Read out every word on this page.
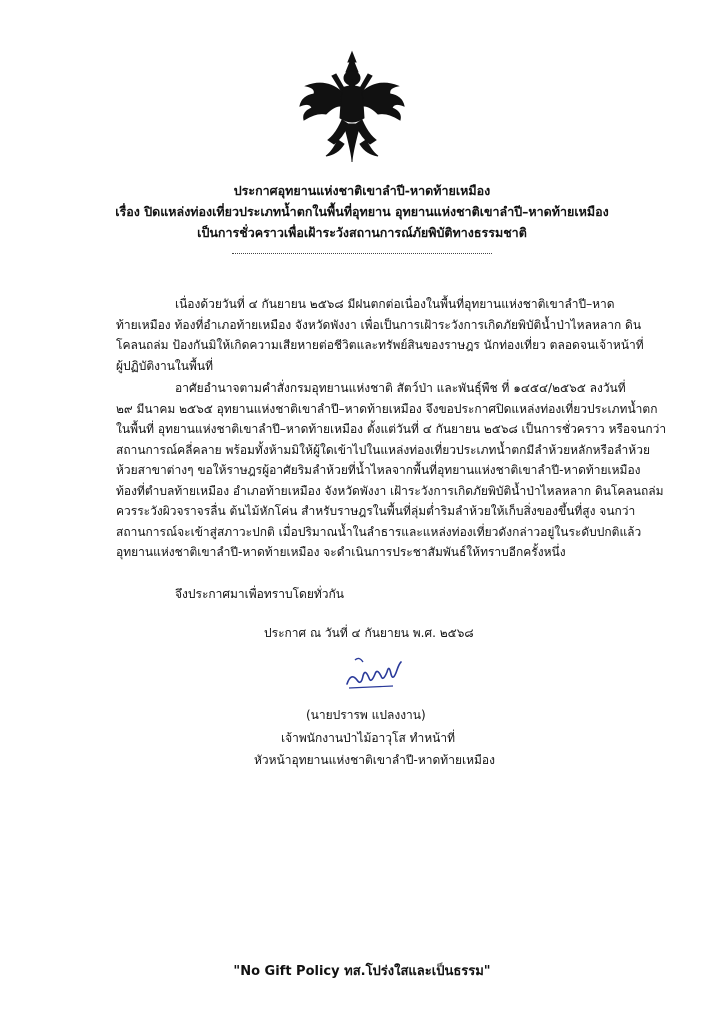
ประกาศอุทยานแห่งชาติเขาลำปี-หาดท้ายเหมือง
เรื่อง ปิดแหล่งท่องเที่ยวประเภทน้ำตกในพื้นที่อุทยาน อุทยานแห่งชาติเขาลำปี–หาดท้ายเหมือง
เป็นการชั่วคราวเพื่อเฝ้าระวังสถานการณ์ภัยพิบัติทางธรรมชาติ
เนื่องด้วยวันที่ ๔ กันยายน ๒๕๖๘ มีฝนตกต่อเนื่องในพื้นที่อุทยานแห่งชาติเขาลำปี–หาด
ท้ายเหมือง ท้องที่อำเภอท้ายเหมือง จังหวัดพังงา เพื่อเป็นการเฝ้าระวังการเกิดภัยพิบัติน้ำป่าไหลหลาก ดิน
โคลนถล่ม ป้องกันมิให้เกิดความเสียหายต่อชีวิตและทรัพย์สินของราษฎร นักท่องเที่ยว ตลอดจนเจ้าหน้าที่
ผู้ปฏิบัติงานในพื้นที่
อาศัยอำนาจตามคำสั่งกรมอุทยานแห่งชาติ สัตว์ป่า และพันธุ์พืช ที่ ๑๔๕๔/๒๕๖๕ ลงวันที่
๒๙ มีนาคม ๒๕๖๕ อุทยานแห่งชาติเขาลำปี–หาดท้ายเหมือง จึงขอประกาศปิดแหล่งท่องเที่ยวประเภทน้ำตก
ในพื้นที่ อุทยานแห่งชาติเขาลำปี–หาดท้ายเหมือง ตั้งแต่วันที่ ๔ กันยายน ๒๕๖๘ เป็นการชั่วคราว หรือจนกว่า
สถานการณ์คลี่คลาย พร้อมทั้งห้ามมิให้ผู้ใดเข้าไปในแหล่งท่องเที่ยวประเภทน้ำตกมีลำห้วยหลักหรือลำห้วย
ห้วยสาขาต่างๆ ขอให้ราษฎรผู้อาศัยริมลำห้วยที่น้ำไหลจากพื้นที่อุทยานแห่งชาติเขาลำปี-หาดท้ายเหมือง
ท้องที่ตำบลท้ายเหมือง อำเภอท้ายเหมือง จังหวัดพังงา เฝ้าระวังการเกิดภัยพิบัติน้ำป่าไหลหลาก ดินโคลนถล่ม
ควรระวังผิวจราจรลื่น ต้นไม้หักโค่น สำหรับราษฎรในพื้นที่ลุ่มต่ำริมลำห้วยให้เก็บสิ่งของขึ้นที่สูง จนกว่า
สถานการณ์จะเข้าสู่สภาวะปกติ เมื่อปริมาณน้ำในลำธารและแหล่งท่องเที่ยวดังกล่าวอยู่ในระดับปกติแล้ว
อุทยานแห่งชาติเขาลำปี-หาดท้ายเหมือง จะดำเนินการประชาสัมพันธ์ให้ทราบอีกครั้งหนึ่ง
จึงประกาศมาเพื่อทราบโดยทั่วกัน
ประกาศ ณ วันที่ ๔ กันยายน พ.ศ. ๒๕๖๘
(นายปรารพ แปลงงาน)
เจ้าพนักงานป่าไม้อาวุโส ทำหน้าที่
หัวหน้าอุทยานแห่งชาติเขาลำปี-หาดท้ายเหมือง
"No Gift Policy ทส.โปร่งใสและเป็นธรรม"
